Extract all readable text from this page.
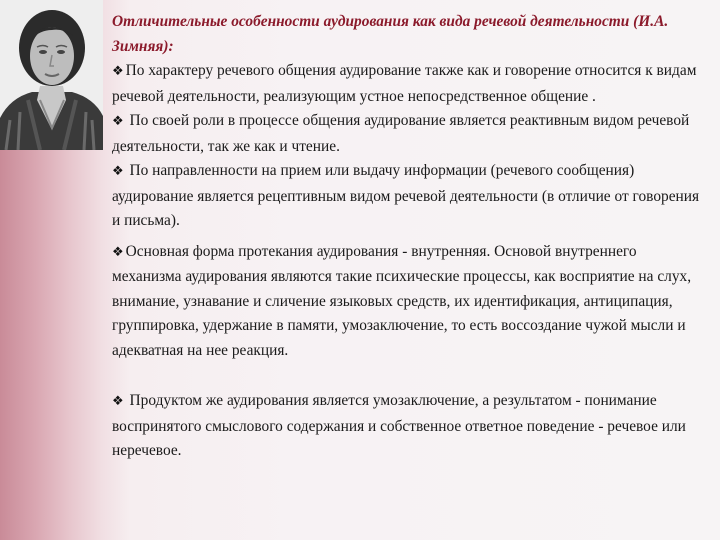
Отличительные особенности аудирования как вида речевой деятельности (И.А. Зимняя):

❖ По характеру речевого общения аудирование также как и говорение относится к видам речевой деятельности, реализующим устное непосредственное общение .

❖ По своей роли в процессе общения аудирование является реактивным видом речевой деятельности, так же как и чтение.

❖ По направленности на прием или выдачу информации (речевого сообщения) аудирование является рецептивным видом речевой деятельности (в отличие от говорения и письма).

❖ Основная форма протекания аудирования - внутренняя. Основой внутреннего механизма аудирования являются такие психические процессы, как восприятие на слух, внимание, узнавание и сличение языковых средств, их идентификация, антиципация, группировка, удержание в памяти, умозаключение, то есть воссоздание чужой мысли и адекватная на нее реакция.

❖ Продуктом же аудирования является умозаключение, а результатом - понимание воспринятого смыслового содержания и собственное ответное поведение - речевое или неречевое.
